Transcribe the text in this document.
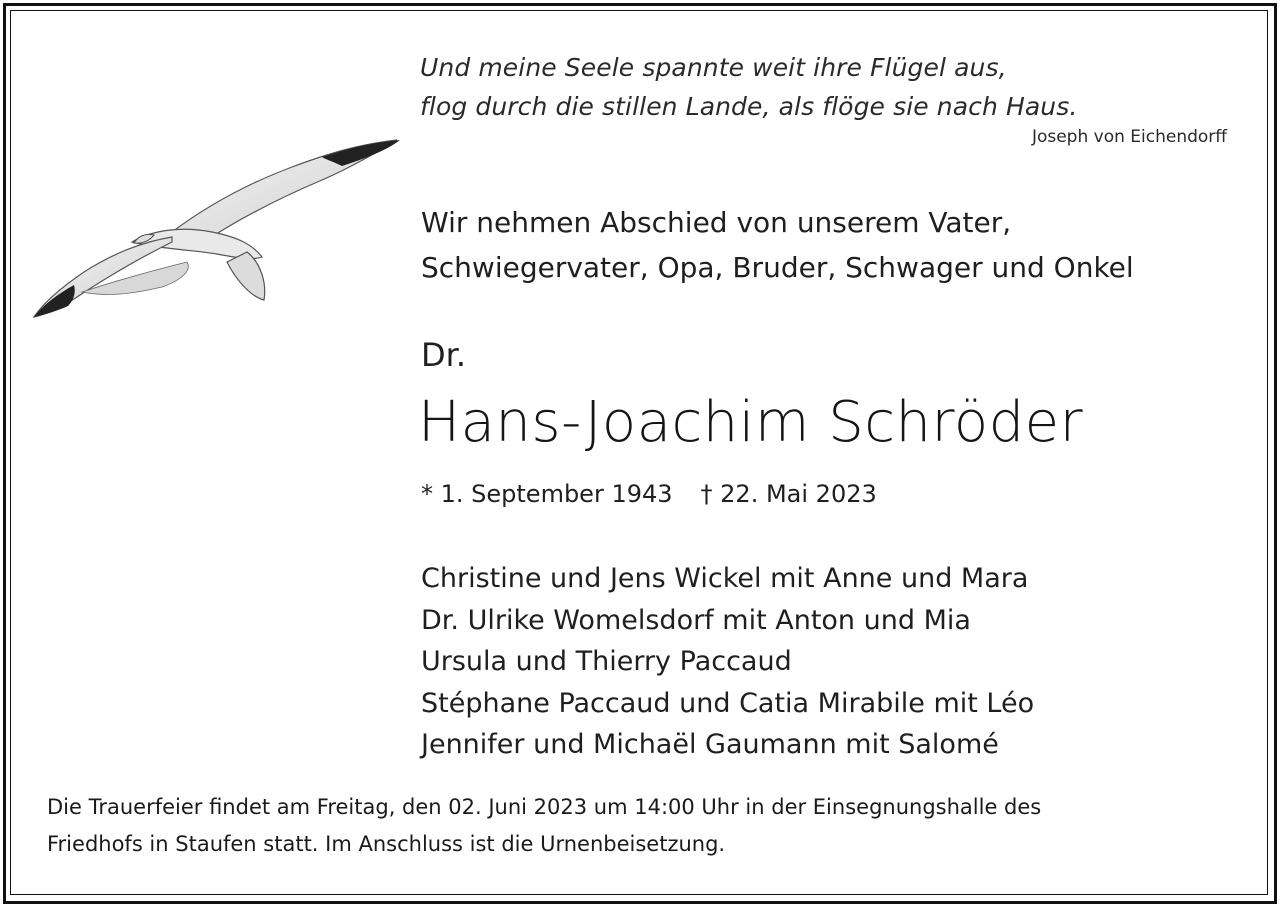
Und meine Seele spannte weit ihre Flügel aus,
flog durch die stillen Lande, als flöge sie nach Haus.
Joseph von Eichendorff
Wir nehmen Abschied von unserem Vater,
Schwiegervater, Opa, Bruder, Schwager und Onkel
Dr.
Hans-Joachim Schröder
* 1. September 1943 † 22. Mai 2023
Christine und Jens Wickel mit Anne und Mara
Dr. Ulrike Womelsdorf mit Anton und Mia
Ursula und Thierry Paccaud
Stéphane Paccaud und Catia Mirabile mit Léo
Jennifer und Michaël Gaumann mit Salomé
Die Trauerfeier findet am Freitag, den 02. Juni 2023 um 14:00 Uhr in der Einsegnungshalle des
Friedhofs in Staufen statt. Im Anschluss ist die Urnenbeisetzung.
